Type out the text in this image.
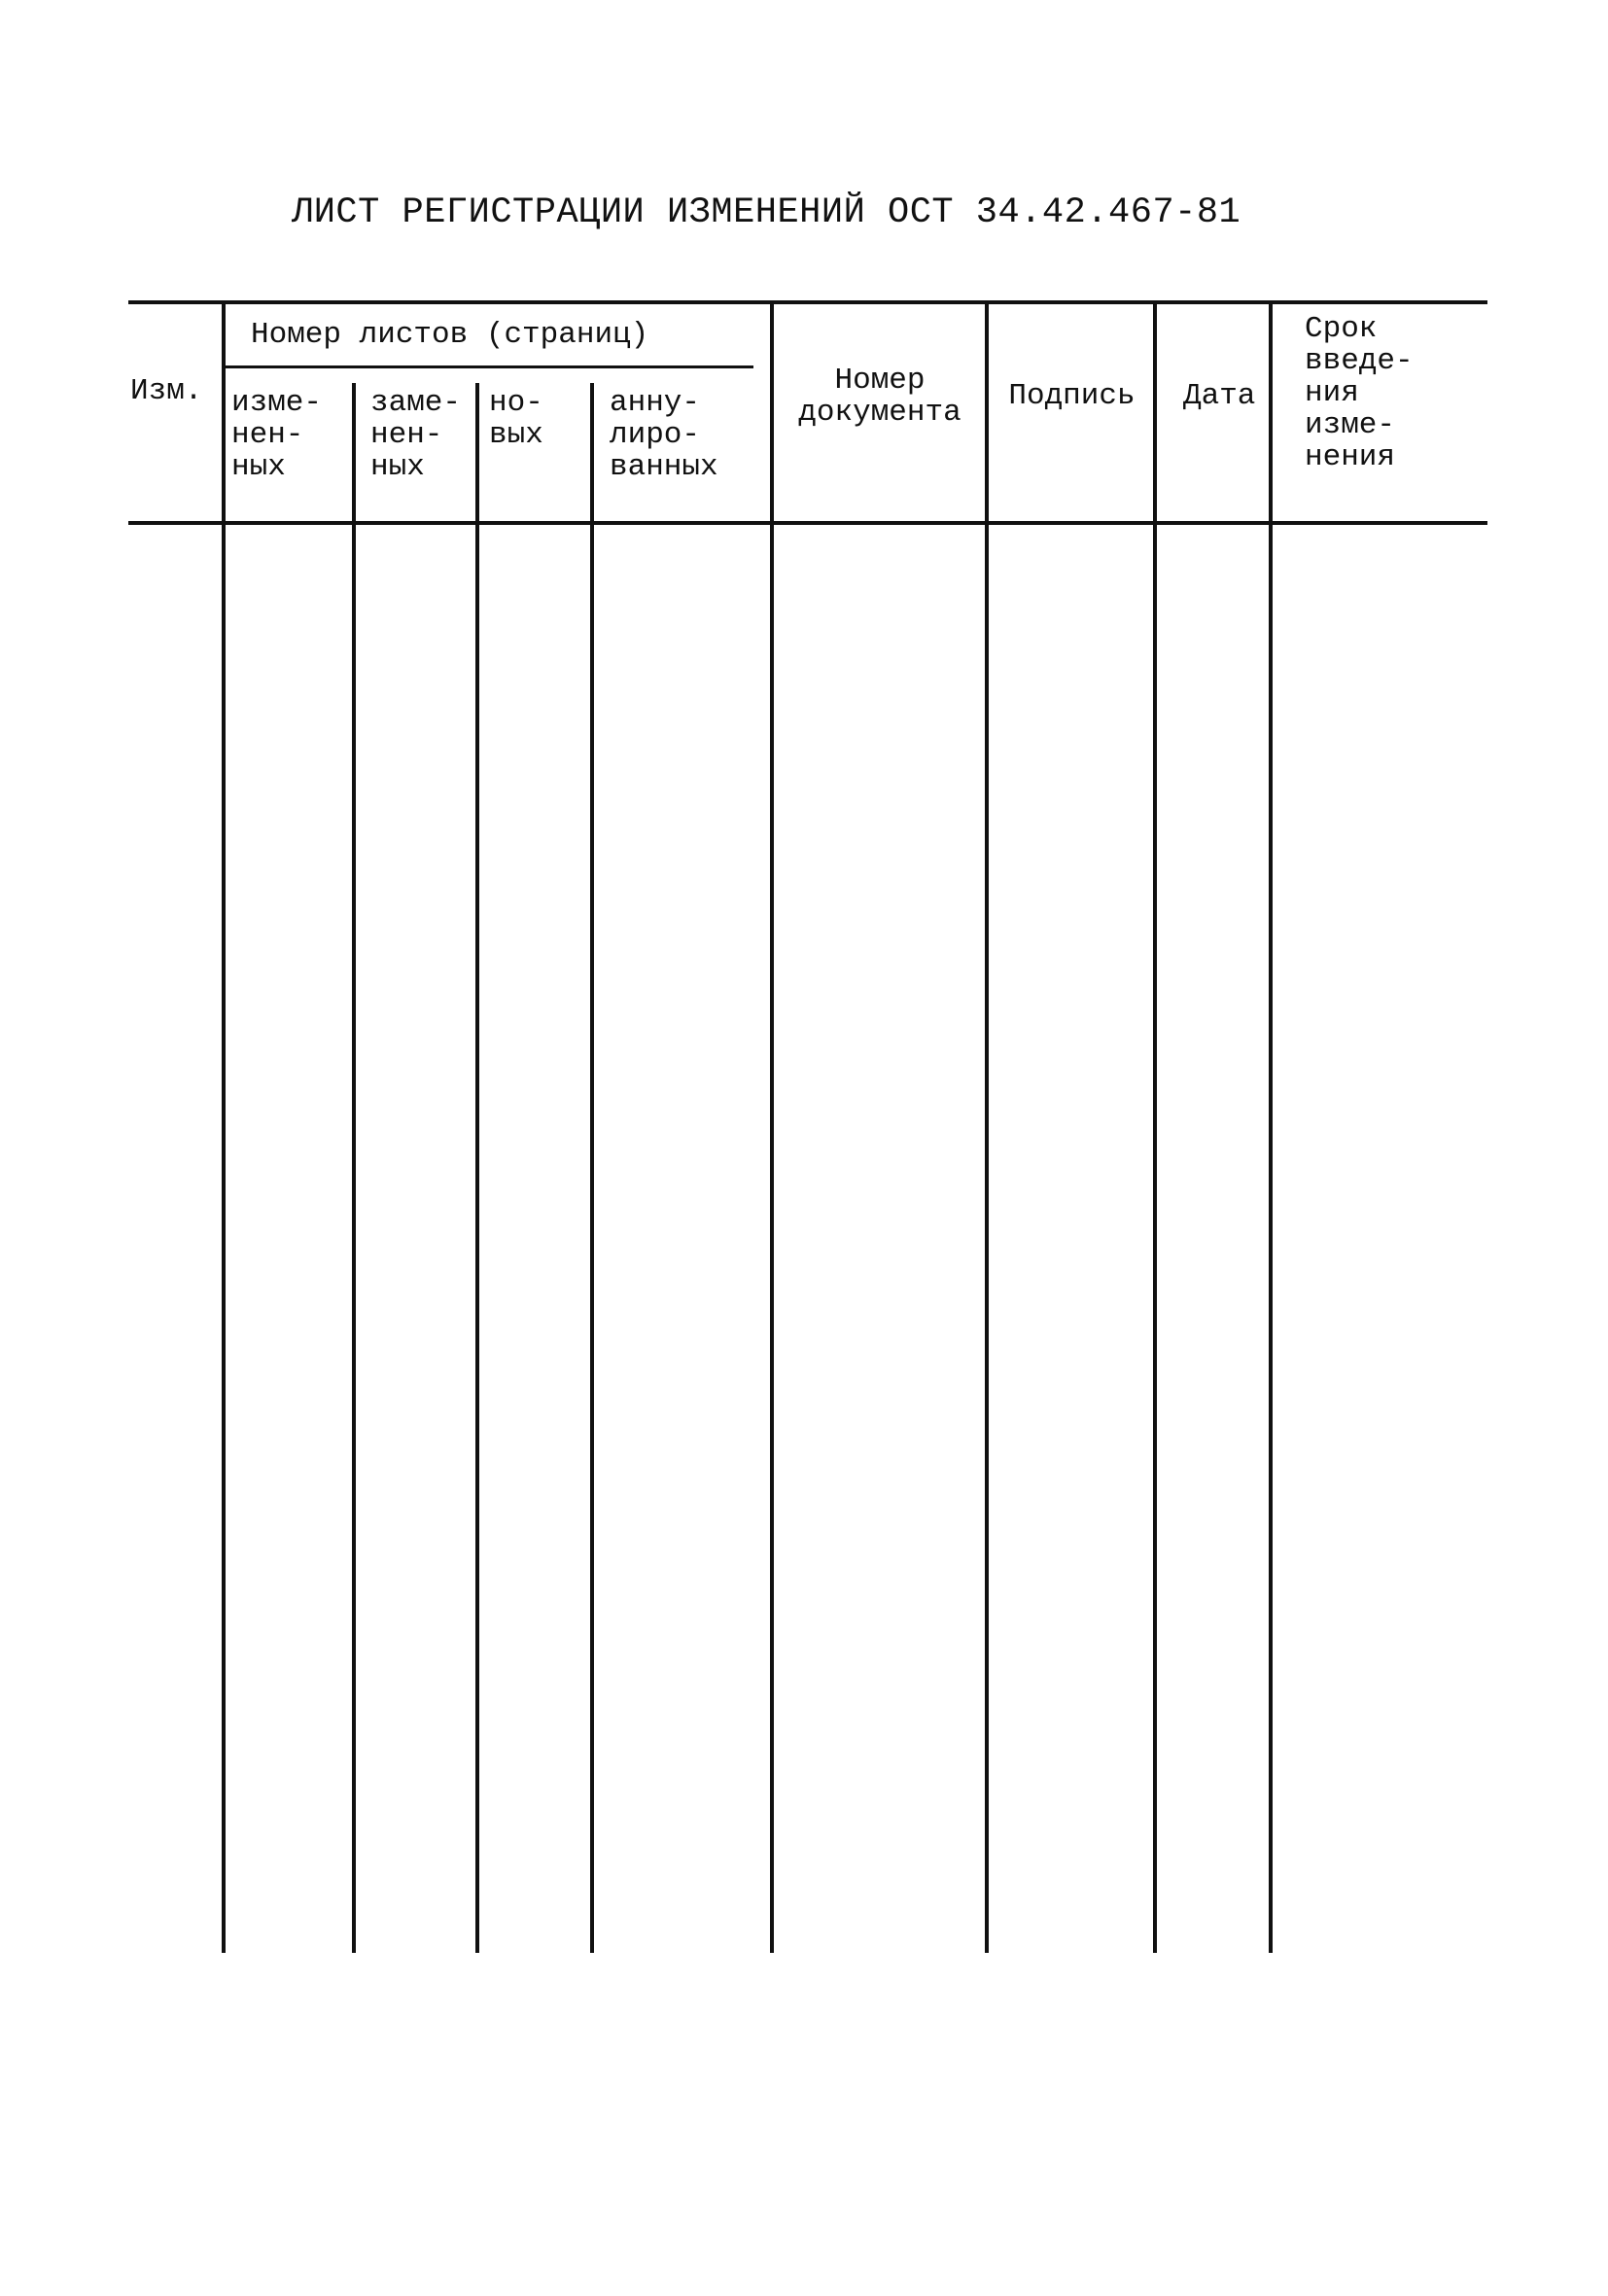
ЛИСТ РЕГИСТРАЦИИ ИЗМЕНЕНИЙ ОСТ 34.42.467-81
Изм.
Номер листов (страниц)
изме-
нен-
ных
заме-
нен-
ных
но-
вых
анну-
лиро-
ванных
Номер
документа	Подпись	Дата
Срок
введе-
ния
изме-
нения
